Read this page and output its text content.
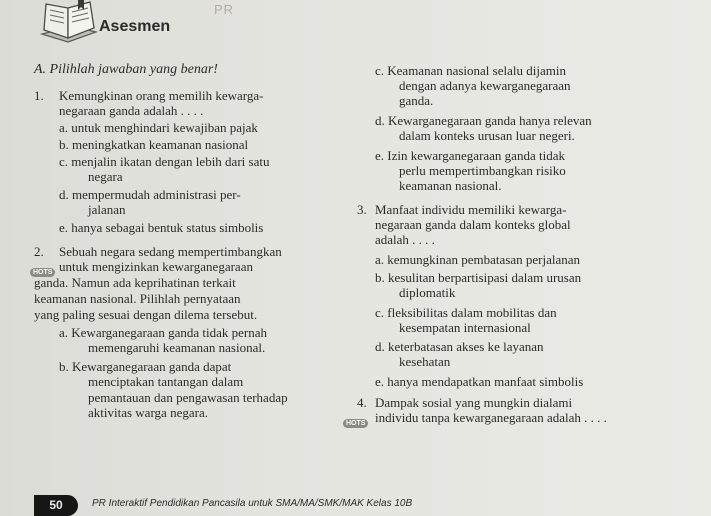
Asesmen
PR
A. Pilihlah jawaban yang benar!
1. Kemungkinan orang memilih kewarga-
negaraan ganda adalah . . . .
a. untuk menghindari kewajiban pajak
b. meningkatkan keamanan nasional
c. menjalin ikatan dengan lebih dari satu
negara
d. mempermudah administrasi per-
jalanan
e. hanya sebagai bentuk status simbolis
2. Sebuah negara sedang mempertimbangkan
HOTS untuk mengizinkan kewarganegaraan
ganda. Namun ada keprihatinan terkait
keamanan nasional. Pilihlah pernyataan
yang paling sesuai dengan dilema tersebut.
a. Kewarganegaraan ganda tidak pernah
memengaruhi keamanan nasional.
b. Kewarganegaraan ganda dapat
menciptakan tantangan dalam
pemantauan dan pengawasan terhadap
aktivitas warga negara.
c. Keamanan nasional selalu dijamin
dengan adanya kewarganegaraan
ganda.
d. Kewarganegaraan ganda hanya relevan
dalam konteks urusan luar negeri.
e. Izin kewarganegaraan ganda tidak
perlu mempertimbangkan risiko
keamanan nasional.
3. Manfaat individu memiliki kewarga-
negaraan ganda dalam konteks global
adalah . . . .
a. kemungkinan pembatasan perjalanan
b. kesulitan berpartisipasi dalam urusan
diplomatik
c. fleksibilitas dalam mobilitas dan
kesempatan internasional
d. keterbatasan akses ke layanan
kesehatan
e. hanya mendapatkan manfaat simbolis
4. Dampak sosial yang mungkin dialami
HOTS individu tanpa kewarganegaraan adalah . . . .
50	PR Interaktif Pendidikan Pancasila untuk SMA/MA/SMK/MAK Kelas 10B
